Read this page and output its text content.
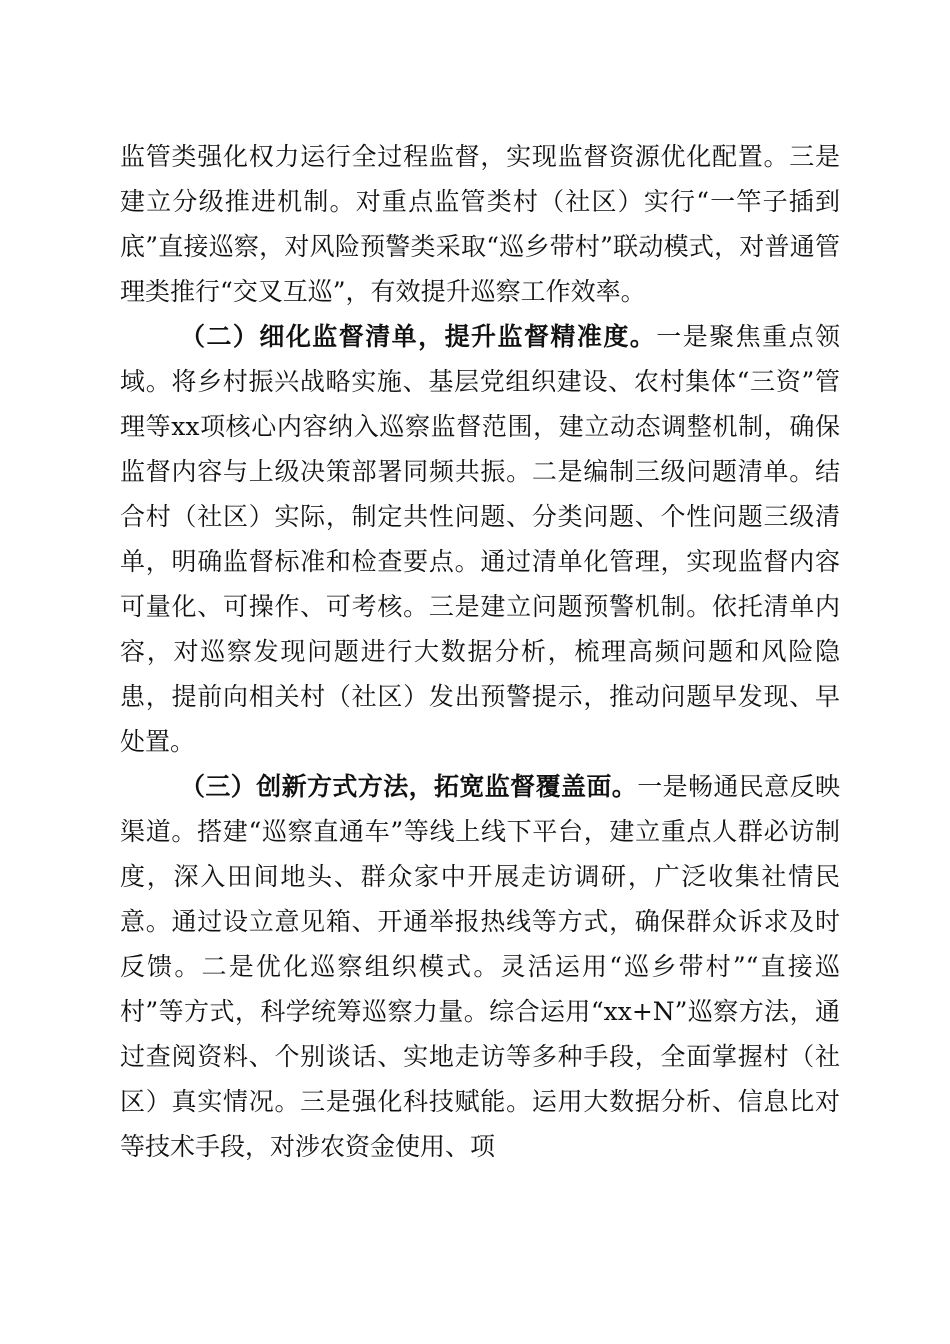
监管类强化权力运行全过程监督，实现监督资源优化配置。三是建立分级推进机制。对重点监管类村（社区）实行“一竿子插到底”直接巡察，对风险预警类采取“巡乡带村”联动模式，对普通管理类推行“交叉互巡”，有效提升巡察工作效率。

（二）细化监督清单，提升监督精准度。一是聚焦重点领域。将乡村振兴战略实施、基层党组织建设、农村集体“三资”管理等xx项核心内容纳入巡察监督范围，建立动态调整机制，确保监督内容与上级决策部署同频共振。二是编制三级问题清单。结合村（社区）实际，制定共性问题、分类问题、个性问题三级清单，明确监督标准和检查要点。通过清单化管理，实现监督内容可量化、可操作、可考核。三是建立问题预警机制。依托清单内容，对巡察发现问题进行大数据分析，梳理高频问题和风险隐患，提前向相关村（社区）发出预警提示，推动问题早发现、早处置。

（三）创新方式方法，拓宽监督覆盖面。一是畅通民意反映渠道。搭建“巡察直通车”等线上线下平台，建立重点人群必访制度，深入田间地头、群众家中开展走访调研，广泛收集社情民意。通过设立意见箱、开通举报热线等方式，确保群众诉求及时反馈。二是优化巡察组织模式。灵活运用“巡乡带村”“直接巡村”等方式，科学统筹巡察力量。综合运用“xx+N”巡察方法，通过查阅资料、个别谈话、实地走访等多种手段，全面掌握村（社区）真实情况。三是强化科技赋能。运用大数据分析、信息比对等技术手段，对涉农资金使用、项
